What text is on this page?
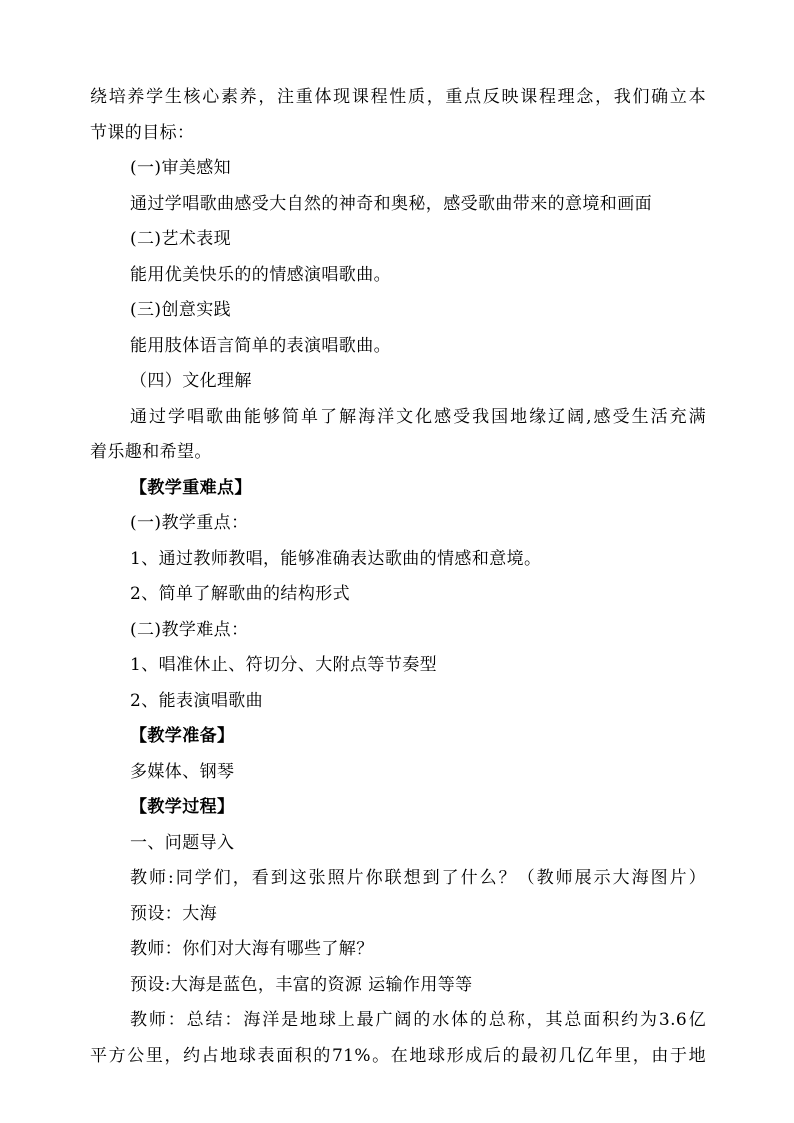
绕培养学生核心素养，注重体现课程性质，重点反映课程理念，我们确立本
节课的目标：
(一)审美感知
通过学唱歌曲感受大自然的神奇和奥秘，感受歌曲带来的意境和画面
(二)艺术表现
能用优美快乐的的情感演唱歌曲。
(三)创意实践
能用肢体语言简单的表演唱歌曲。
（四）文化理解
通过学唱歌曲能够简单了解海洋文化感受我国地缘辽阔,感受生活充满
着乐趣和希望。
【教学重难点】
(一)教学重点：
1、通过教师教唱，能够准确表达歌曲的情感和意境。
2、简单了解歌曲的结构形式
(二)教学难点：
1、唱准休止、符切分、大附点等节奏型
2、能表演唱歌曲
【教学准备】
多媒体、钢琴
【教学过程】
一、问题导入
教师:同学们，看到这张照片你联想到了什么？（教师展示大海图片）
预设：大海
教师：你们对大海有哪些了解？
预设:大海是蓝色，丰富的资源 运输作用等等
教师：总结：海洋是地球上最广阔的水体的总称，其总面积约为3.6亿
平方公里，约占地球表面积的71%。在地球形成后的最初几亿年里，由于地
